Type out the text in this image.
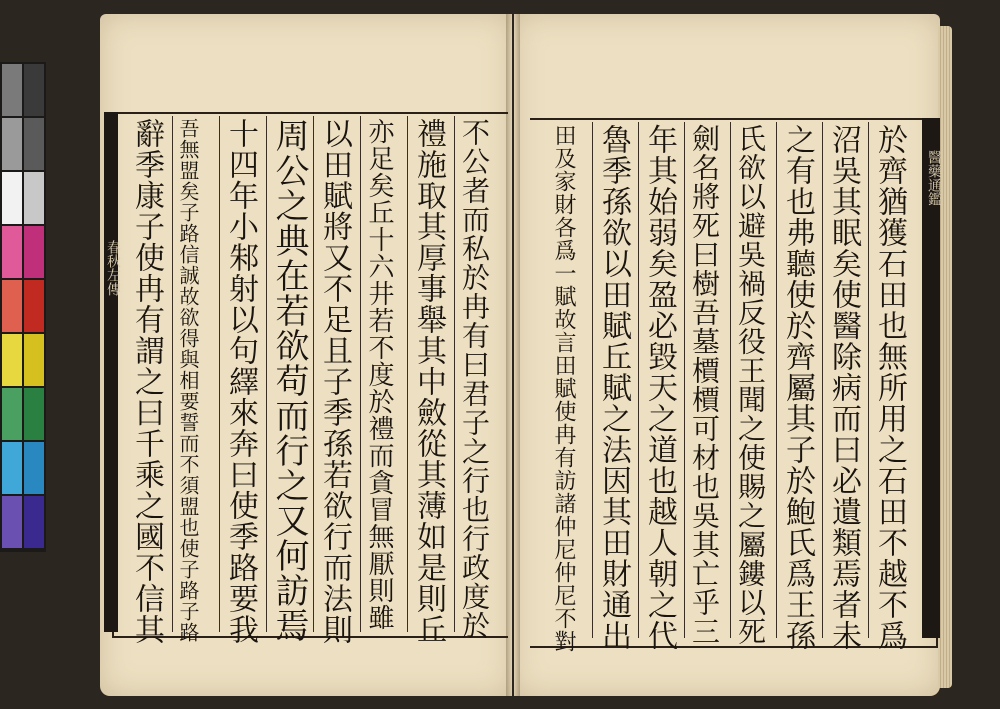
春秋左傳
醫藥通鑑
於齊猶獲石田也無所用之石田不越不爲
沼吳其眠矣使醫除病而曰必遺類焉者未
之有也弗聽使於齊屬其子於鮑氏爲王孫
氏欲以避吳禍反役王聞之使賜之屬鏤以死
劍名將死曰樹吾墓檟檟可材也吳其亡乎三
年其始弱矣盈必毀天之道也越人朝之代
魯季孫欲以田賦丘賦之法因其田財通出
田及家財各爲一賦故言田賦使冉有訪諸仲尼仲尼不對
不公者而私於冉有曰君子之行也行政度於
禮施取其厚事舉其中斂從其薄如是則丘
亦足矣丘十六井若不度於禮而貪冒無厭則雖
以田賦將又不足且子季孫若欲行而法則
周公之典在若欲苟而行之又何訪焉
十四年小邾射以句繹來奔曰使季路要我
吾無盟矣子路信誠故欲得與相要誓而不須盟也使子路子路
辭季康子使冉有謂之曰千乘之國不信其
